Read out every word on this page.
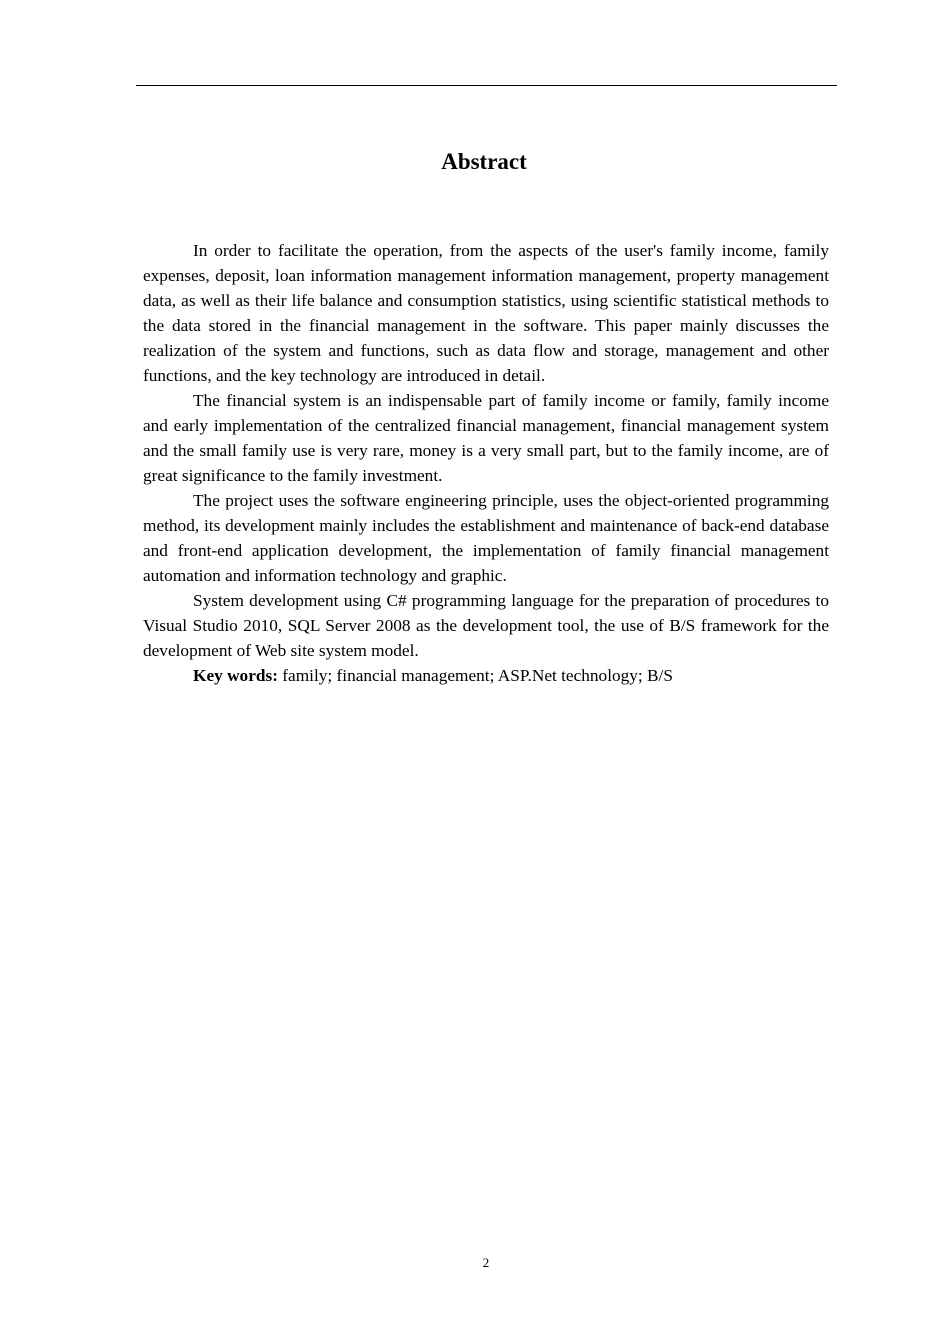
Abstract

In order to facilitate the operation, from the aspects of the user's family income, family expenses, deposit, loan information management information management, property management data, as well as their life balance and consumption statistics, using scientific statistical methods to the data stored in the financial management in the software. This paper mainly discusses the realization of the system and functions, such as data flow and storage, management and other functions, and the key technology are introduced in detail.

The financial system is an indispensable part of family income or family, family income and early implementation of the centralized financial management, financial management system and the small family use is very rare, money is a very small part, but to the family income, are of great significance to the family investment.

The project uses the software engineering principle, uses the object-oriented programming method, its development mainly includes the establishment and maintenance of back-end database and front-end application development, the implementation of family financial management automation and information technology and graphic.

System development using C# programming language for the preparation of procedures to Visual Studio 2010, SQL Server 2008 as the development tool, the use of B/S framework for the development of Web site system model.

Key words: family; financial management; ASP.Net technology; B/S

2
